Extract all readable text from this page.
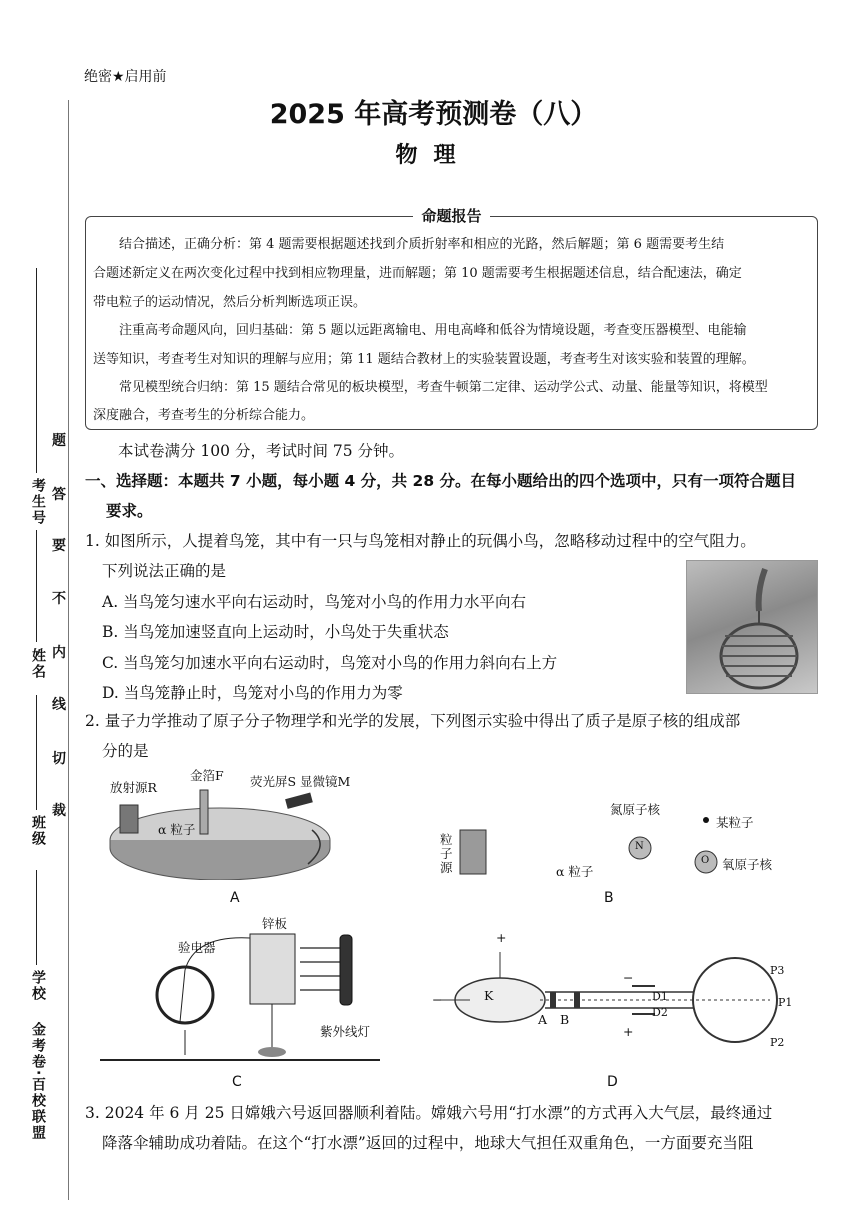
考生号
姓名
班级
学校
金考卷·百校联盟
题
答
要
不
内
线
切
裁
绝密★启用前
2025 年高考预测卷（八）
物理
命题报告
结合描述，正确分析：第 4 题需要根据题述找到介质折射率和相应的光路，然后解题；第 6 题需要考生结
合题述新定义在两次变化过程中找到相应物理量，进而解题；第 10 题需要考生根据题述信息，结合配速法，确定
带电粒子的运动情况，然后分析判断选项正误。
注重高考命题风向，回归基础：第 5 题以远距离输电、用电高峰和低谷为情境设题，考查变压器模型、电能输
送等知识，考查考生对知识的理解与应用；第 11 题结合教材上的实验装置设题，考查考生对该实验和装置的理解。
常见模型统合归纳：第 15 题结合常见的板块模型，考查牛顿第二定律、运动学公式、动量、能量等知识，将模型
深度融合，考查考生的分析综合能力。
本试卷满分 100 分，考试时间 75 分钟。
一、选择题：本题共 7 小题，每小题 4 分，共 28 分。在每小题给出的四个选项中，只有一项符合题目
要求。
1. 如图所示，人提着鸟笼，其中有一只与鸟笼相对静止的玩偶小鸟，忽略移动过程中的空气阻力。
下列说法正确的是
A. 当鸟笼匀速水平向右运动时，鸟笼对小鸟的作用力水平向右
B. 当鸟笼加速竖直向上运动时，小鸟处于失重状态
C. 当鸟笼匀加速水平向右运动时，鸟笼对小鸟的作用力斜向右上方
D. 当鸟笼静止时，鸟笼对小鸟的作用力为零
2. 量子力学推动了原子分子物理学和光学的发展，下列图示实验中得出了质子是原子核的组成部
分的是
放射源R
金箔F 荧光屏S 显微镜M
α 粒子
A
粒
子
源
氮原子核
某粒子
氧原子核
α 粒子
N
O
B
验电器
锌板
紫外线灯
C
+
−	K
A B
−
+
D1
D2
P1
P2
P3
D
3. 2024 年 6 月 25 日嫦娥六号返回器顺利着陆。嫦娥六号用“打水漂”的方式再入大气层，最终通过
降落伞辅助成功着陆。在这个“打水漂”返回的过程中，地球大气担任双重角色，一方面要充当阻
